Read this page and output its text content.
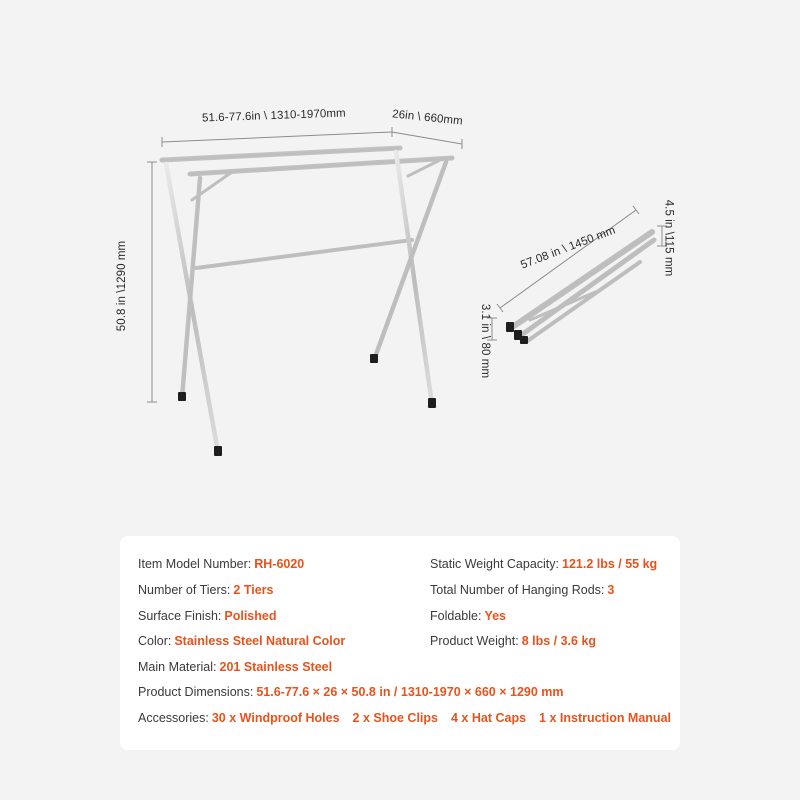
51.6-77.6in \ 1310-1970mm	26in \ 660mm
50.8 in \1290 mm	57.08 in \ 1450 mm	4.5 in \115 mm
3.1 in \ 80 mm
Item Model Number: RH-6020	Static Weight Capacity: 121.2 lbs / 55 kg
Number of Tiers: 2 Tiers	Total Number of Hanging Rods: 3
Surface Finish: Polished	Foldable: Yes
Color: Stainless Steel Natural Color	Product Weight: 8 lbs / 3.6 kg
Main Material: 201 Stainless Steel
Product Dimensions: 51.6-77.6 × 26 × 50.8 in / 1310-1970 × 660 × 1290 mm
Accessories: 30 x Windproof Holes 2 x Shoe Clips 4 x Hat Caps 1 x Instruction Manual
